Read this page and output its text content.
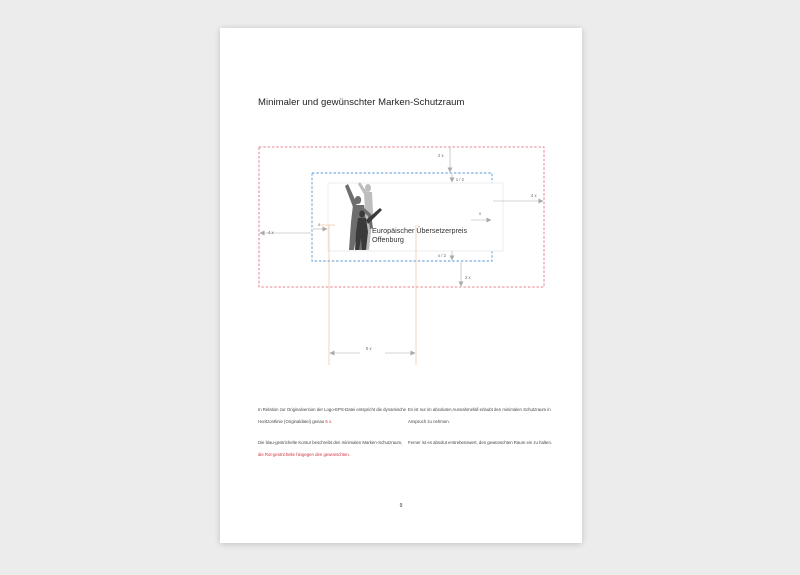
Minimaler und gewünschter Marken-Schutzraum
Europäischer Übersetzerpreis
Offenburg
2 x
x / 2
4 x
x
4 x
x
x / 2
2 x
5 x

In Relation zur Originalversion der Logo-EPS-Datei entspricht die dynamische Horitzontlinie (Originaldatei) genau 5 x.

Die blau-gestrichelte Kontur beschreibt den minimalen Marken-Schutzraum, die Rot-gestrichelte hingegen den gewünschten.

Es ist nur im absoluten Ausnahmefall erlaubt den minimalen Schutzraum in Anspruch zu nehmen.

Ferner ist es absolut erstrebenswert, den gewünschten Raum ein zu halten.

9
